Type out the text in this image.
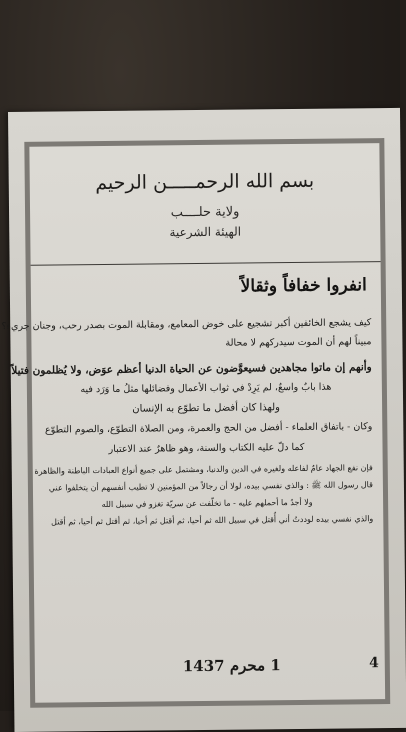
بسم الله الرحمـــــن الرحيم
ولاية حلــــب
الهيئة الشرعية
انفروا خفافاً وثقالاً

كيف يشجع الخائفين أكبر تشجيع على خوض المعامع، ومقابلة الموت بصدر رحب، وجنان جريء؟

مبيناً لهم أن الموت سيدركهم لا محالة

وأنهم إن ماتوا مجاهدين فسيعوَّضون عن الحياة الدنيا أعظم عوَض، ولا يُظلمون فتيلاً

هذا بابٌ واسعٌ، لم يَرِدْ في ثواب الأعمال وفضائلها مثلُ ما وَرَد فيه

ولهذا كان أفضل ما تطوّع به الإنسان

وكان - باتفاق العلماء - أفضل من الحج والعمرة، ومن الصلاة التطوّع، والصوم التطوّع

كما دلّ عليه الكتاب والسنة، وهو ظاهرٌ عند الاعتبار

فإن نفع الجهاد عامٌ لفاعله ولغيره في الدين والدنيا، ومشتمل على جميع أنواع العبادات الباطنة والظاهرة

قال رسول الله ﷺ : والذي نفسي بيده، لولا أن رجالاً من المؤمنين لا تطيب أنفسهم أن يتخلفوا عني

ولا أجدُ ما أحملهم عليه - ما تخلّفت عن سريّة تغزو في سبيل الله

والذي نفسي بيده لوددتُ أني أُقتل في سبيل الله ثم أحيا، ثم أقتل ثم أحيا، ثم أقتل ثم أحيا، ثم أقتل

1 محرم 1437	4
